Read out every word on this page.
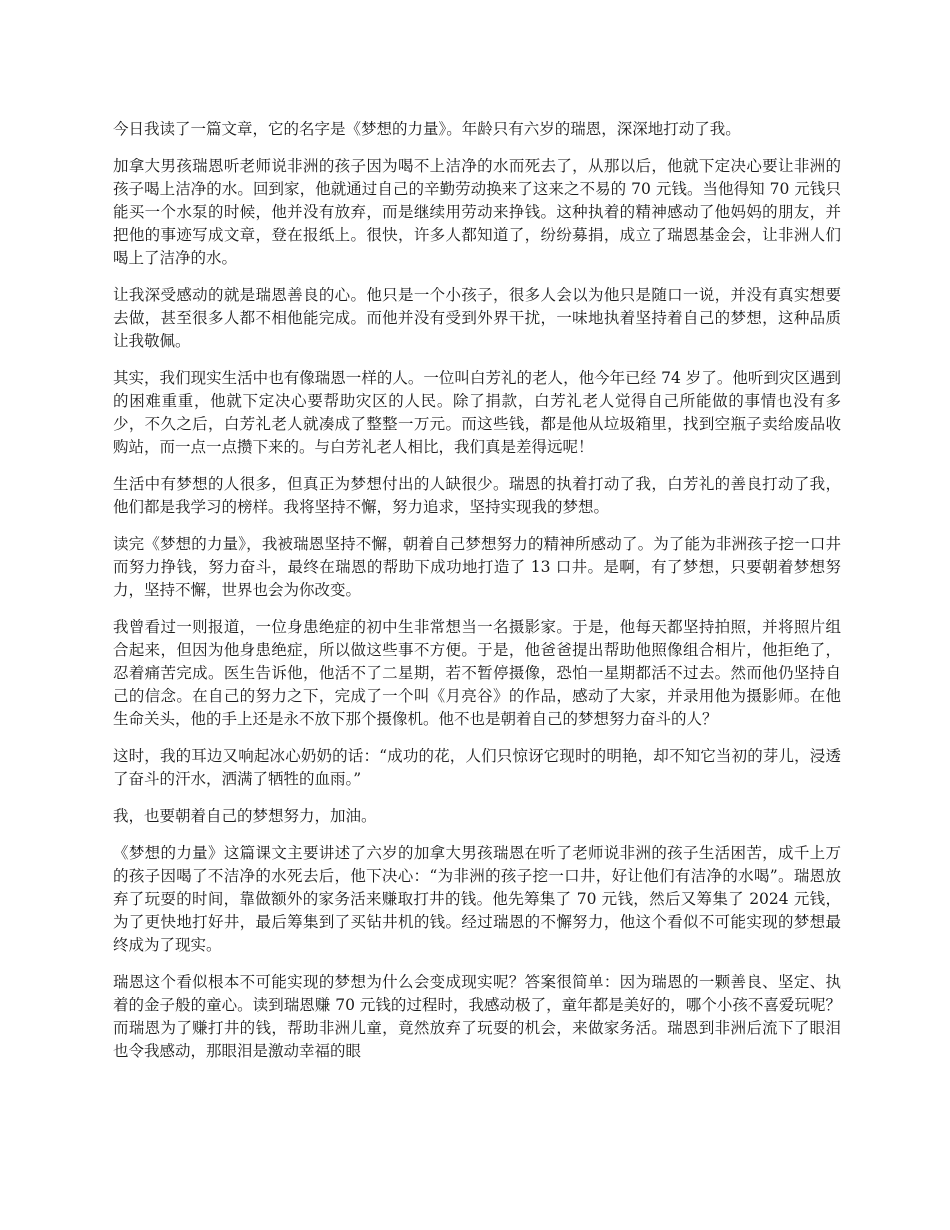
今日我读了一篇文章，它的名字是《梦想的力量》。年龄只有六岁的瑞恩，深深地打动了我。

加拿大男孩瑞恩听老师说非洲的孩子因为喝不上洁净的水而死去了，从那以后，他就下定决心要让非洲的孩子喝上洁净的水。回到家，他就通过自己的辛勤劳动换来了这来之不易的 70 元钱。当他得知 70 元钱只能买一个水泵的时候，他并没有放弃，而是继续用劳动来挣钱。这种执着的精神感动了他妈妈的朋友，并把他的事迹写成文章，登在报纸上。很快，许多人都知道了，纷纷募捐，成立了瑞恩基金会，让非洲人们喝上了洁净的水。

让我深受感动的就是瑞恩善良的心。他只是一个小孩子，很多人会以为他只是随口一说，并没有真实想要去做，甚至很多人都不相他能完成。而他并没有受到外界干扰，一味地执着坚持着自己的梦想，这种品质让我敬佩。

其实，我们现实生活中也有像瑞恩一样的人。一位叫白芳礼的老人，他今年已经 74 岁了。他听到灾区遇到的困难重重，他就下定决心要帮助灾区的人民。除了捐款，白芳礼老人觉得自己所能做的事情也没有多少，不久之后，白芳礼老人就凑成了整整一万元。而这些钱，都是他从垃圾箱里，找到空瓶子卖给废品收购站，而一点一点攒下来的。与白芳礼老人相比，我们真是差得远呢！

生活中有梦想的人很多，但真正为梦想付出的人缺很少。瑞恩的执着打动了我，白芳礼的善良打动了我，他们都是我学习的榜样。我将坚持不懈，努力追求，坚持实现我的梦想。

读完《梦想的力量》，我被瑞恩坚持不懈，朝着自己梦想努力的精神所感动了。为了能为非洲孩子挖一口井而努力挣钱，努力奋斗，最终在瑞恩的帮助下成功地打造了 13 口井。是啊，有了梦想，只要朝着梦想努力，坚持不懈，世界也会为你改变。

我曾看过一则报道，一位身患绝症的初中生非常想当一名摄影家。于是，他每天都坚持拍照，并将照片组合起来，但因为他身患绝症，所以做这些事不方便。于是，他爸爸提出帮助他照像组合相片，他拒绝了，忍着痛苦完成。医生告诉他，他活不了二星期，若不暂停摄像，恐怕一星期都活不过去。然而他仍坚持自己的信念。在自己的努力之下，完成了一个叫《月亮谷》的作品，感动了大家，并录用他为摄影师。在他生命关头，他的手上还是永不放下那个摄像机。他不也是朝着自己的梦想努力奋斗的人？

这时，我的耳边又响起冰心奶奶的话：“成功的花，人们只惊讶它现时的明艳，却不知它当初的芽儿，浸透了奋斗的汗水，洒满了牺牲的血雨。”

我，也要朝着自己的梦想努力，加油。

《梦想的力量》这篇课文主要讲述了六岁的加拿大男孩瑞恩在听了老师说非洲的孩子生活困苦，成千上万的孩子因喝了不洁净的水死去后，他下决心：“为非洲的孩子挖一口井，好让他们有洁净的水喝”。瑞恩放弃了玩耍的时间，靠做额外的家务活来赚取打井的钱。他先筹集了 70 元钱，然后又筹集了 2024 元钱，为了更快地打好井，最后筹集到了买钻井机的钱。经过瑞恩的不懈努力，他这个看似不可能实现的梦想最终成为了现实。

瑞恩这个看似根本不可能实现的梦想为什么会变成现实呢？答案很简单：因为瑞恩的一颗善良、坚定、执着的金子般的童心。读到瑞恩赚 70 元钱的过程时，我感动极了，童年都是美好的，哪个小孩不喜爱玩呢？而瑞恩为了赚打井的钱，帮助非洲儿童，竟然放弃了玩耍的机会，来做家务活。瑞恩到非洲后流下了眼泪也令我感动，那眼泪是激动幸福的眼
